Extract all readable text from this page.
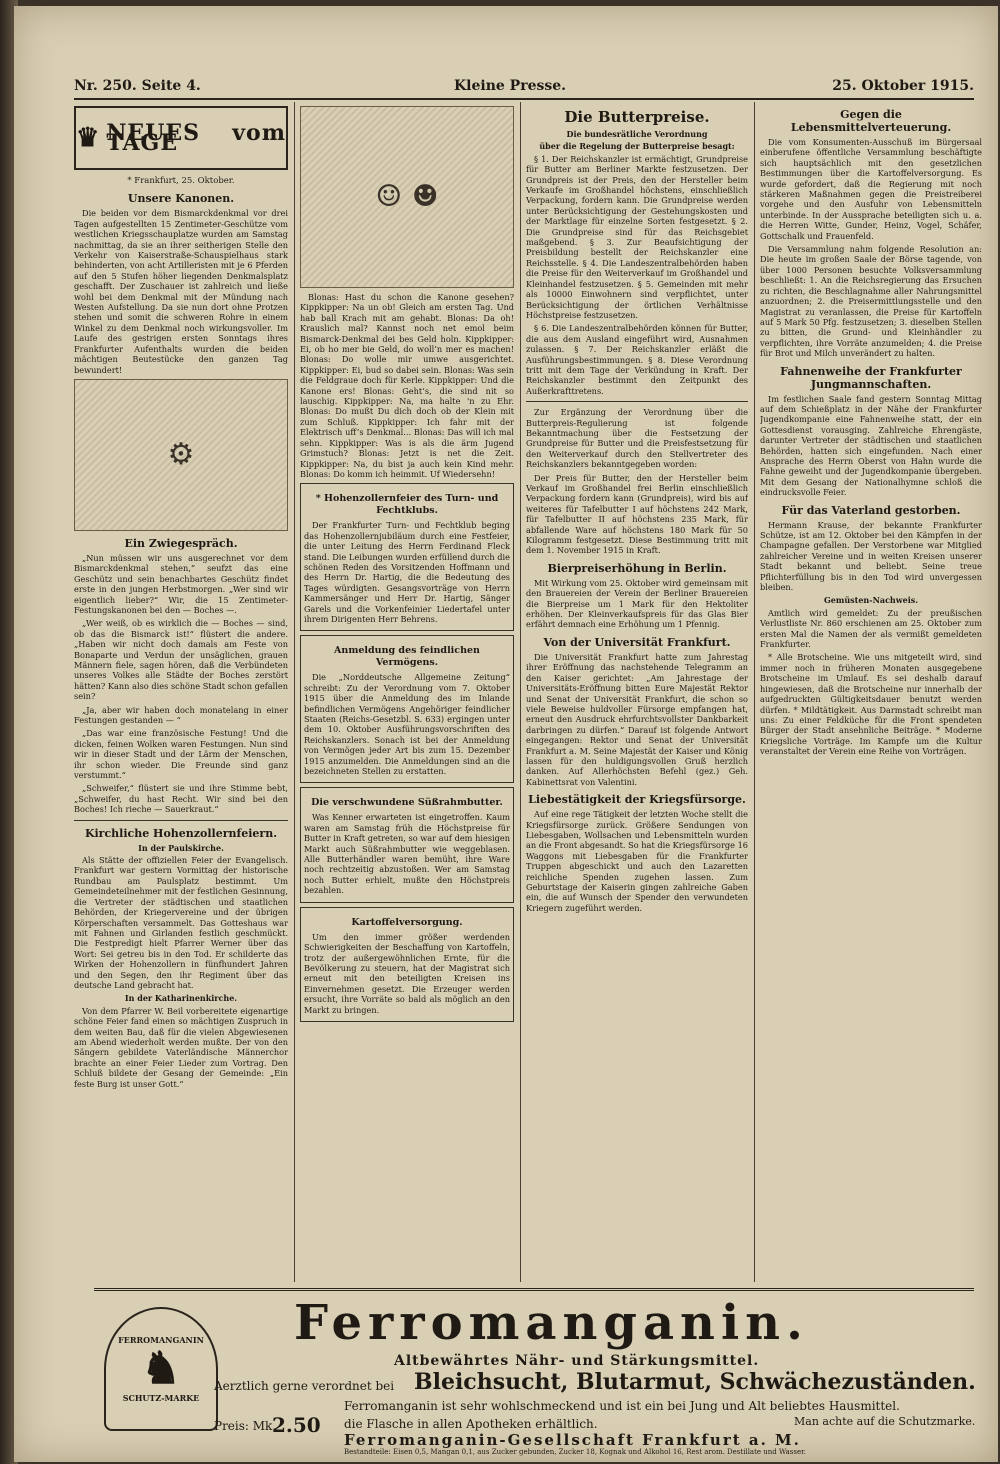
Nr. 250. Seite 4.	Kleine Presse.	25. Oktober 1915.
♛ NEUES vom TAGE
* Frankfurt, 25. Oktober.
Unsere Kanonen.

Die beiden vor dem Bismarckdenkmal vor drei Tagen aufgestellten 15 Zentimeter-Geschütze vom westlichen Kriegsschauplatze wurden am Samstag nachmittag, da sie an ihrer seitherigen Stelle den Verkehr von Kaiserstraße-Schauspielhaus stark behinderten, von acht Artilleristen mit je 6 Pferden auf den 5 Stufen höher liegenden Denkmalsplatz geschafft. Der Zuschauer ist zahlreich und ließe wohl bei dem Denkmal mit der Mündung nach Westen Aufstellung. Da sie nun dort ohne Protzen stehen und somit die schweren Rohre in einem Winkel zu dem Denkmal noch wirkungsvoller. Im Laufe des gestrigen ersten Sonntags ihres Frankfurter Aufenthalts wurden die beiden mächtigen Beutestücke den ganzen Tag bewundert!

⚙
Ein Zwiegespräch.

„Nun müssen wir uns ausgerechnet vor dem Bismarckdenkmal stehen,“ seufzt das eine Geschütz und sein benachbartes Geschütz findet erste in den jungen Herbstmorgen. „Wer sind wir eigentlich lieber?“ Wir, die 15 Zentimeter-Festungskanonen bei den — Boches —.

„Wer weiß, ob es wirklich die — Boches — sind, ob das die Bismarck ist!“ flüstert die andere. „Haben wir nicht doch damals am Feste von Bonaparte und Verdun der unsäglichen, grauen Männern fiele, sagen hören, daß die Verbündeten unseres Volkes alle Städte der Boches zerstört hätten? Kann also dies schöne Stadt schon gefallen sein?

„Ja, aber wir haben doch monatelang in einer Festungen gestanden — “

„Das war eine französische Festung! Und die dicken, feinen Wolken waren Festungen. Nun sind wir in dieser Stadt und der Lärm der Menschen, ihr schon wieder. Die Freunde sind ganz verstummt.“

„Schweifer,“ flüstert sie und ihre Stimme bebt, „Schweifer, du hast Recht. Wir sind bei den Boches! Ich rieche — Sauerkraut.“

Kirchliche Hohenzollernfeiern.
In der Paulskirche.

Als Stätte der offiziellen Feier der Evangelisch. Frankfurt war gestern Vormittag der historische Rundbau am Paulsplatz bestimmt. Um Gemeindeteilnehmer mit der festlichen Gesinnung, die Vertreter der städtischen und staatlichen Behörden, der Kriegervereine und der übrigen Körperschaften versammelt. Das Gotteshaus war mit Fahnen und Girlanden festlich geschmückt. Die Festpredigt hielt Pfarrer Werner über das Wort: Sei getreu bis in den Tod. Er schilderte das Wirken der Hohenzollern in fünfhundert Jahren und den Segen, den ihr Regiment über das deutsche Land gebracht hat.

In der Katharinenkirche.

Von dem Pfarrer W. Beil vorbereitete eigenartige schöne Feier fand einen so mächtigen Zuspruch in dem weiten Bau, daß für die vielen Abgewiesenen am Abend wiederholt werden mußte. Der von den Sängern gebildete Vaterländische Männerchor brachte an einer Feier Lieder zum Vortrag. Den Schluß bildete der Gesang der Gemeinde: „Ein feste Burg ist unser Gott.“

☺ ☻

Blonas: Hast du schon die Kanone gesehen? Kippkipper: Na un ob! Gleich am ersten Tag. Und hab ball Krach mit am gehabt. Blonas: Da oh! Krauslich mal? Kannst noch net emol beim Bismarck-Denkmal dei bes Geld holn. Kippkipper: Ei, ob ho mer bie Geld, do woll’n mer es machen! Blonas: Do wolle mir umwe ausgerichtet. Kippkipper: Ei, bud so dabei sein. Blonas: Was sein die Feldgraue doch für Kerle. Kippkipper: Und die Kanone ers! Blonas: Geht’s, die sind nit so lauschig. Kippkipper: Na, ma halte 'n zu Ehr. Blonas: Do mußt Du dich doch ob der Klein mit zum Schluß. Kippkipper: Ich fahr mit der Elektrisch uff’s Denkmal... Blonas: Das will ich mal sehn. Kippkipper: Was is als die ärm Jugend Grimstuch? Blonas: Jetzt is net die Zeit. Kippkipper: Na, du bist ja auch kein Kind mehr. Blonas: Do komm ich heimmit. Uf Wiedersehn!

* Hohenzollernfeier des Turn- und Fechtklubs.

Der Frankfurter Turn- und Fechtklub beging das Hohenzollernjubiläum durch eine Festfeier, die unter Leitung des Herrn Ferdinand Fleck stand. Die Leibungen wurden erfüllend durch die schönen Reden des Vorsitzenden Hoffmann und des Herrn Dr. Hartig, die die Bedeutung des Tages würdigten. Gesangsvorträge von Herrn Kammersänger und Herr Dr. Hartig, Sänger Garels und die Vorkenfeinier Liedertafel unter ihrem Dirigenten Herr Behrens.

Anmeldung des feindlichen Vermögens.

Die „Norddeutsche Allgemeine Zeitung“ schreibt: Zu der Verordnung vom 7. Oktober 1915 über die Anmeldung des im Inlande befindlichen Vermögens Angehöriger feindlicher Staaten (Reichs-Gesetzbl. S. 633) ergingen unter dem 10. Oktober Ausführungsvorschriften des Reichskanzlers. Sonach ist bei der Anmeldung von Vermögen jeder Art bis zum 15. Dezember 1915 anzumelden. Die Anmeldungen sind an die bezeichneten Stellen zu erstatten.

Die verschwundene Süßrahmbutter.

Was Kenner erwarteten ist eingetroffen. Kaum waren am Samstag früh die Höchstpreise für Butter in Kraft getreten, so war auf dem hiesigen Markt auch Süßrahmbutter wie weggeblasen. Alle Butterhändler waren bemüht, ihre Ware noch rechtzeitig abzustoßen. Wer am Samstag noch Butter erhielt, mußte den Höchstpreis bezahlen.

Kartoffelversorgung.

Um den immer größer werdenden Schwierigkeiten der Beschaffung von Kartoffeln, trotz der außergewöhnlichen Ernte, für die Bevölkerung zu steuern, hat der Magistrat sich erneut mit den beteiligten Kreisen ins Einvernehmen gesetzt. Die Erzeuger werden ersucht, ihre Vorräte so bald als möglich an den Markt zu bringen.

Die Butterpreise.
Die bundesrätliche Verordnung
über die Regelung der Butterpreise besagt:

§ 1. Der Reichskanzler ist ermächtigt, Grundpreise für Butter am Berliner Markte festzusetzen. Der Grundpreis ist der Preis, den der Hersteller beim Verkaufe im Großhandel höchstens, einschließlich Verpackung, fordern kann. Die Grundpreise werden unter Berücksichtigung der Gestehungskosten und der Marktlage für einzelne Sorten festgesetzt. § 2. Die Grundpreise sind für das Reichsgebiet maßgebend. § 3. Zur Beaufsichtigung der Preisbildung bestellt der Reichskanzler eine Reichsstelle. § 4. Die Landeszentralbehörden haben die Preise für den Weiterverkauf im Großhandel und Kleinhandel festzusetzen. § 5. Gemeinden mit mehr als 10000 Einwohnern sind verpflichtet, unter Berücksichtigung der örtlichen Verhältnisse Höchstpreise festzusetzen.

§ 6. Die Landeszentralbehörden können für Butter, die aus dem Ausland eingeführt wird, Ausnahmen zulassen. § 7. Der Reichskanzler erläßt die Ausführungsbestimmungen. § 8. Diese Verordnung tritt mit dem Tage der Verkündung in Kraft. Der Reichskanzler bestimmt den Zeitpunkt des Außerkrafttretens.

Zur Ergänzung der Verordnung über die Butterpreis-Regulierung ist folgende Bekanntmachung über die Festsetzung der Grundpreise für Butter und die Preisfestsetzung für den Weiterverkauf durch den Stellvertreter des Reichskanzlers bekanntgegeben worden:

Der Preis für Butter, den der Hersteller beim Verkauf im Großhandel frei Berlin einschließlich Verpackung fordern kann (Grundpreis), wird bis auf weiteres für Tafelbutter I auf höchstens 242 Mark, für Tafelbutter II auf höchstens 235 Mark, für abfallende Ware auf höchstens 180 Mark für 50 Kilogramm festgesetzt. Diese Bestimmung tritt mit dem 1. November 1915 in Kraft.

Bierpreiserhöhung in Berlin.

Mit Wirkung vom 25. Oktober wird gemeinsam mit den Brauereien der Verein der Berliner Brauereien die Bierpreise um 1 Mark für den Hektoliter erhöhen. Der Kleinverkaufspreis für das Glas Bier erfährt demnach eine Erhöhung um 1 Pfennig.

Von der Universität Frankfurt.

Die Universität Frankfurt hatte zum Jahrestag ihrer Eröffnung das nachstehende Telegramm an den Kaiser gerichtet: „Am Jahrestage der Universitäts-Eröffnung bitten Eure Majestät Rektor und Senat der Universität Frankfurt, die schon so viele Beweise huldvoller Fürsorge empfangen hat, erneut den Ausdruck ehrfurchtsvollster Dankbarkeit darbringen zu dürfen.“ Darauf ist folgende Antwort eingegangen: Rektor und Senat der Universität Frankfurt a. M. Seine Majestät der Kaiser und König lassen für den huldigungsvollen Gruß herzlich danken. Auf Allerhöchsten Befehl (gez.) Geh. Kabinettsrat von Valentini.

Liebestätigkeit der Kriegsfürsorge.

Auf eine rege Tätigkeit der letzten Woche stellt die Kriegsfürsorge zurück. Größere Sendungen von Liebesgaben, Wollsachen und Lebensmitteln wurden an die Front abgesandt. So hat die Kriegsfürsorge 16 Waggons mit Liebesgaben für die Frankfurter Truppen abgeschickt und auch den Lazaretten reichliche Spenden zugehen lassen. Zum Geburtstage der Kaiserin gingen zahlreiche Gaben ein, die auf Wunsch der Spender den verwundeten Kriegern zugeführt werden.

Gegen die Lebensmittelverteuerung.

Die vom Konsumenten-Ausschuß im Bürgersaal einberufene öffentliche Versammlung beschäftigte sich hauptsächlich mit den gesetzlichen Bestimmungen über die Kartoffelversorgung. Es wurde gefordert, daß die Regierung mit noch stärkeren Maßnahmen gegen die Preistreiberei vorgehe und den Ausfuhr von Lebensmitteln unterbinde. In der Aussprache beteiligten sich u. a. die Herren Witte, Gunder, Heinz, Vogel, Schäfer, Gottschalk und Frauenfeld.

Die Versammlung nahm folgende Resolution an: Die heute im großen Saale der Börse tagende, von über 1000 Personen besuchte Volksversammlung beschließt: 1. An die Reichsregierung das Ersuchen zu richten, die Beschlagnahme aller Nahrungsmittel anzuordnen; 2. die Preisermittlungsstelle und den Magistrat zu veranlassen, die Preise für Kartoffeln auf 5 Mark 50 Pfg. festzusetzen; 3. dieselben Stellen zu bitten, die Grund- und Kleinhändler zu verpflichten, ihre Vorräte anzumelden; 4. die Preise für Brot und Milch unverändert zu halten.

Fahnenweihe der Frankfurter Jungmannschaften.

Im festlichen Saale fand gestern Sonntag Mittag auf dem Schießplatz in der Nähe der Frankfurter Jugendkompanie eine Fahnenweihe statt, der ein Gottesdienst vorausging. Zahlreiche Ehrengäste, darunter Vertreter der städtischen und staatlichen Behörden, hatten sich eingefunden. Nach einer Ansprache des Herrn Oberst von Hahn wurde die Fahne geweiht und der Jugendkompanie übergeben. Mit dem Gesang der Nationalhymne schloß die eindrucksvolle Feier.

Für das Vaterland gestorben.

Hermann Krause, der bekannte Frankfurter Schütze, ist am 12. Oktober bei den Kämpfen in der Champagne gefallen. Der Verstorbene war Mitglied zahlreicher Vereine und in weiten Kreisen unserer Stadt bekannt und beliebt. Seine treue Pflichterfüllung bis in den Tod wird unvergessen bleiben.

Gemüsten-Nachweis.

Amtlich wird gemeldet: Zu der preußischen Verlustliste Nr. 860 erschienen am 25. Oktober zum ersten Mal die Namen der als vermißt gemeldeten Frankfurter.

* Alle Brotscheine. Wie uns mitgeteilt wird, sind immer noch in früheren Monaten ausgegebene Brotscheine im Umlauf. Es sei deshalb darauf hingewiesen, daß die Brotscheine nur innerhalb der aufgedruckten Gültigkeitsdauer benutzt werden dürfen. * Mildtätigkeit. Aus Darmstadt schreibt man uns: Zu einer Feldküche für die Front spendeten Bürger der Stadt ansehnliche Beiträge. * Moderne Kriegsliche Vorträge. Im Kampfe um die Kultur veranstaltet der Verein eine Reihe von Vorträgen.

FERROMANGANIN
♞
SCHUTZ-MARKE
Ferromanganin.
Altbewährtes Nähr- und Stärkungsmittel.
Aerztlich gerne verordnet bei Bleichsucht, Blutarmut, Schwächezuständen.
Ferromanganin ist sehr wohlschmeckend und ist ein bei Jung und Alt beliebtes Hausmittel.
Preis: Mk.
2.50 die Flasche in allen Apotheken erhältlich.
Ferromanganin-Gesellschaft Frankfurt a. M.
Bestandteile: Eisen 0,5, Mangan 0,1, aus Zucker gebunden, Zucker 18, Kognak und Alkohol 16, Rest arom. Destillate und Wasser.
Man achte auf die Schutzmarke.
